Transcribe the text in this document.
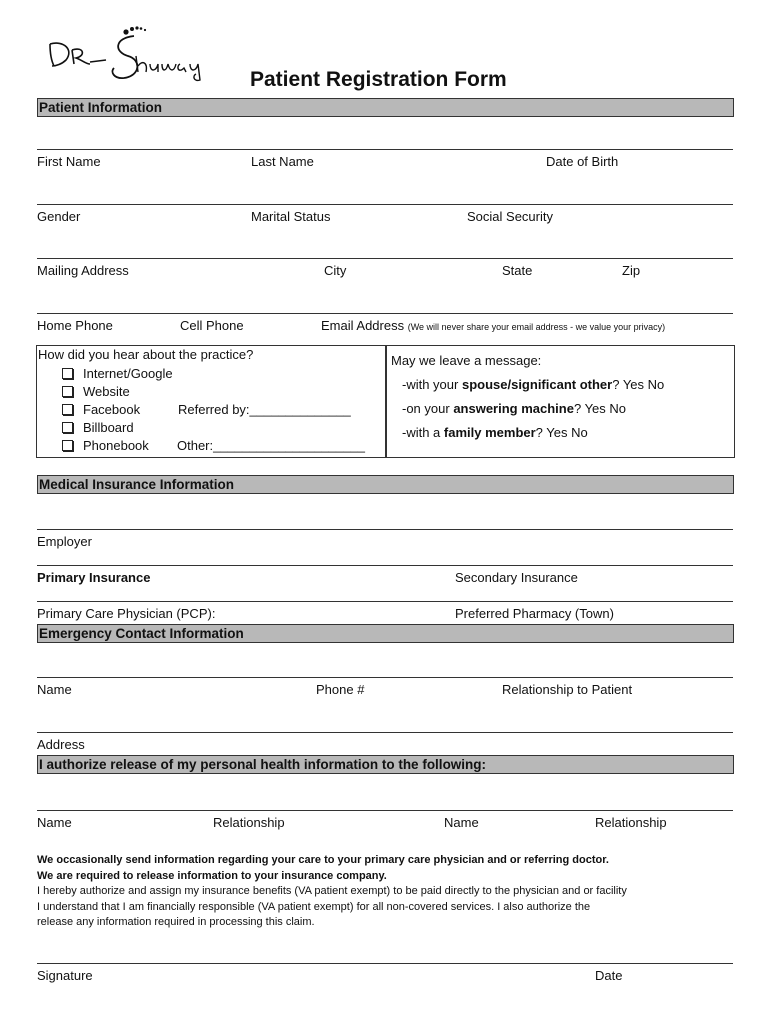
Patient Registration Form
Patient Information
First Name	Last Name	Date of Birth
Gender	Marital Status	Social Security
Mailing Address	City	State	Zip
Home Phone	Cell Phone	Email Address (We will never share your email address - we value your privacy)
How did you hear about the practice?
Internet/Google
Website
Facebook
Billboard
Phonebook
Referred by:______________
Other:_____________________
May we leave a message:
-with your spouse/significant other? Yes No
-on your answering machine? Yes No
-with a family member? Yes No
Medical Insurance Information
Employer
Primary Insurance	Secondary Insurance
Primary Care Physician (PCP):	Preferred Pharmacy (Town)
Emergency Contact Information
Name	Phone #	Relationship to Patient
Address
I authorize release of my personal health information to the following:
Name	Relationship	Name	Relationship
We occasionally send information regarding your care to your primary care physician and or referring doctor.
We are required to release information to your insurance company.
I hereby authorize and assign my insurance benefits (VA patient exempt) to be paid directly to the physician and or facility
I understand that I am financially responsible (VA patient exempt) for all non-covered services. I also authorize the
release any information required in processing this claim.
Signature	Date
